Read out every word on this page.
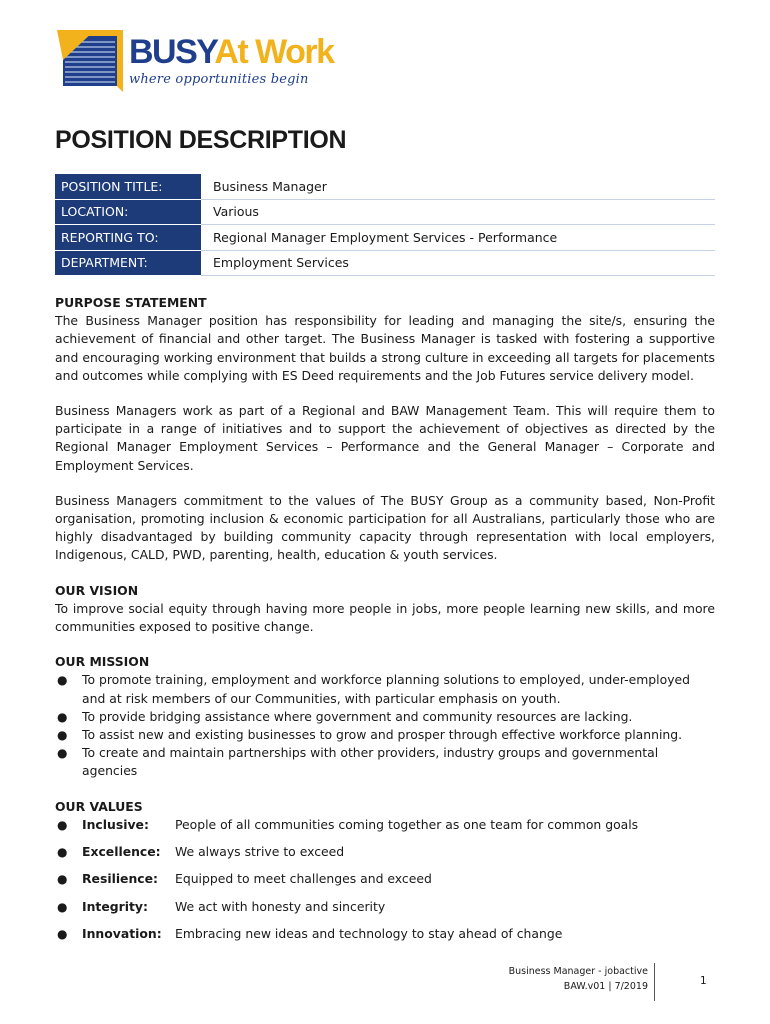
BUSYAt Work
where opportunities begin
POSITION DESCRIPTION
POSITION TITLE:	Business Manager
LOCATION:	Various
REPORTING TO:	Regional Manager Employment Services - Performance
DEPARTMENT:	Employment Services
PURPOSE STATEMENT

The Business Manager position has responsibility for leading and managing the site/s, ensuring the achievement of financial and other target. The Business Manager is tasked with fostering a supportive and encouraging working environment that builds a strong culture in exceeding all targets for placements and outcomes while complying with ES Deed requirements and the Job Futures service delivery model.

Business Managers work as part of a Regional and BAW Management Team. This will require them to participate in a range of initiatives and to support the achievement of objectives as directed by the Regional Manager Employment Services – Performance and the General Manager – Corporate and Employment Services.

Business Managers commitment to the values of The BUSY Group as a community based, Non-Profit organisation, promoting inclusion & economic participation for all Australians, particularly those who are highly disadvantaged by building community capacity through representation with local employers, Indigenous, CALD, PWD, parenting, health, education & youth services.

OUR VISION

To improve social equity through having more people in jobs, more people learning new skills, and more communities exposed to positive change.

OUR MISSION
● To promote training, employment and workforce planning solutions to employed, under-employed and at risk members of our Communities, with particular emphasis on youth.
● To provide bridging assistance where government and community resources are lacking.
● To assist new and existing businesses to grow and prosper through effective workforce planning.
● To create and maintain partnerships with other providers, industry groups and governmental agencies
OUR VALUES
● Inclusive: People of all communities coming together as one team for common goals
● Excellence: We always strive to exceed
● Resilience: Equipped to meet challenges and exceed
● Integrity: We act with honesty and sincerity
● Innovation: Embracing new ideas and technology to stay ahead of change
Business Manager - jobactive
BAW.v01 | 7/2019	1
